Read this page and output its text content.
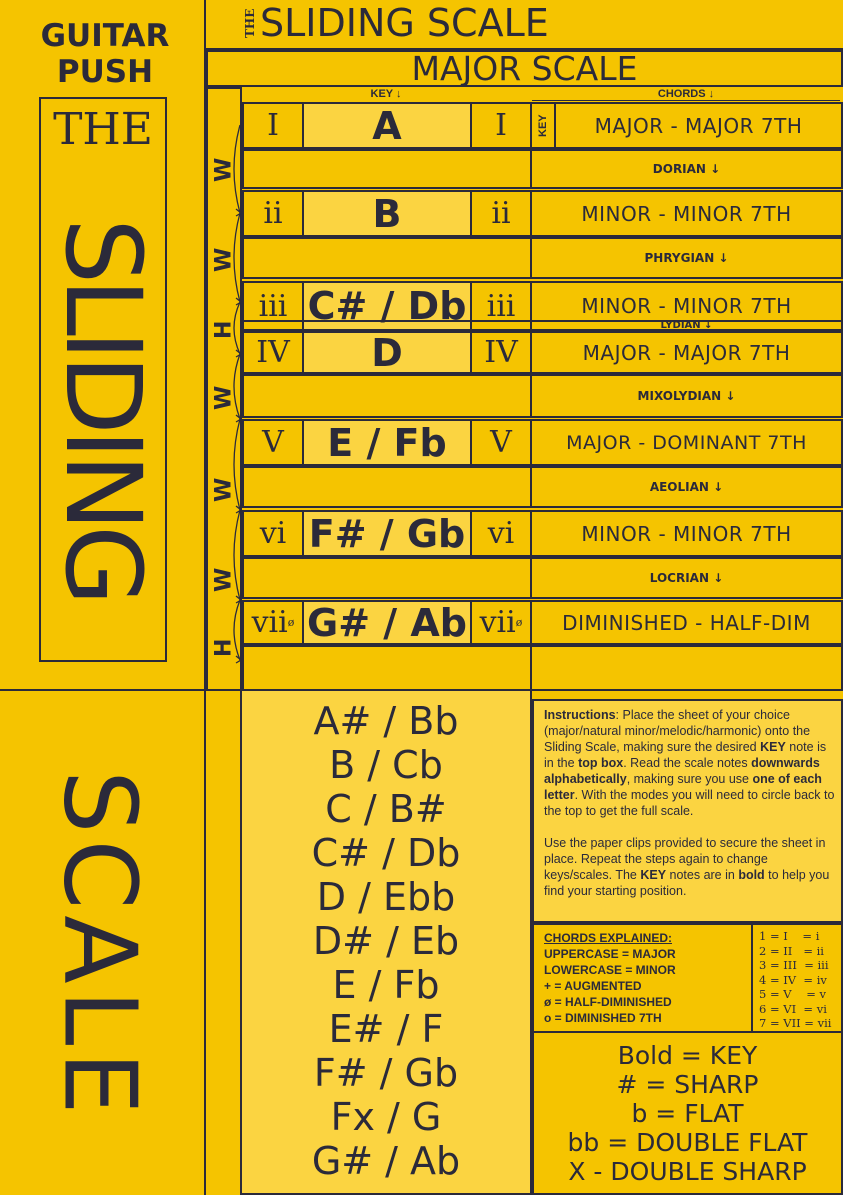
GUITAR
PUSH
THE
SLIDING
SCALE
THE SLIDING SCALE
MAJOR SCALE
KEY ↓	CHORDS ↓
I	A	I	MAJOR - MAJOR 7TH
ii	B	ii	MINOR - MINOR 7TH
iii C# / Db iii	MINOR - MINOR 7TH
IV	D	IV	MAJOR - MAJOR 7TH
V	E / Fb	V	MAJOR - DOMINANT 7TH
vi F# / Gb vi	MINOR - MINOR 7TH
vii ø G# / Ab vii ø	DIMINISHED - HALF-DIM
KEY
DORIAN ↓
PHRYGIAN ↓
LYDIAN ↓
MIXOLYDIAN ↓
AEOLIAN ↓
LOCRIAN ↓
W
W
H
W
W
W
H
A# / Bb
B / Cb
C / B#
C# / Db
D / Ebb
D# / Eb
E / Fb
E# / F
F# / Gb
Fx / G
G# / Ab
Instructions: Place the sheet of your choice (major/natural minor/melodic/harmonic) onto the Sliding Scale, making sure the desired KEY note is in the top box. Read the scale notes downwards alphabetically, making sure you use one of each letter. With the modes you will need to circle back to the top to get the full scale.
Use the paper clips provided to secure the sheet in place. Repeat the steps again to change keys/scales. The KEY notes are in bold to help you find your starting position.
CHORDS EXPLAINED:
UPPERCASE = MAJOR
LOWERCASE = MINOR
+ = AUGMENTED
ø = HALF-DIMINISHED
o = DIMINISHED 7TH
1 = I    = i
2 = II   = ii
3 = III  = iii
4 = IV  = iv
5 = V    = v
6 = VI  = vi
7 = VII = vii
Bold = KEY
# = SHARP
b = FLAT
bb = DOUBLE FLAT
X - DOUBLE SHARP
